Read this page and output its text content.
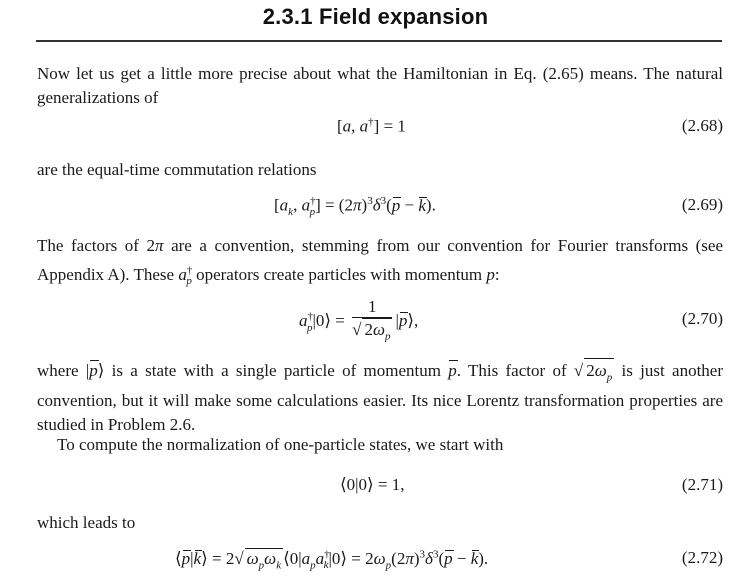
2.3.1 Field expansion
Now let us get a little more precise about what the Hamiltonian in Eq. (2.65) means. The natural generalizations of
[a, a†] = 1	(2.68)
are the equal-time commutation relations
[$a_k$, $a^\dagger_p] = (2\pi)^3\delta^3(p - k)$.	(2.69)
The factors of 2π are a convention, stemming from our convention for Fourier transforms (see Appendix A). These $a^\dagger_p$ operators create particles with momentum p:
$a^\dagger_p|0⟩ = \frac{1}{√ 2\omega_p}$ |p⟩,	(2.70)
where |p⟩ is a state with a single particle of momentum p. This factor of √ $2\omega_p$ is just another convention, but it will make some calculations easier. Its nice Lorentz transformation properties are studied in Problem 2.6.
To compute the normalization of one-particle states, we start with
⟨0|0⟩ = 1,	(2.71)
which leads to
⟨p|k⟩ = 2√ $\omega_p\omega_k$ $⟨0|a_pa^\dagger_k|0⟩ = 2\omega_p(2\pi)^3\delta^3(p - k)$.	(2.72)
